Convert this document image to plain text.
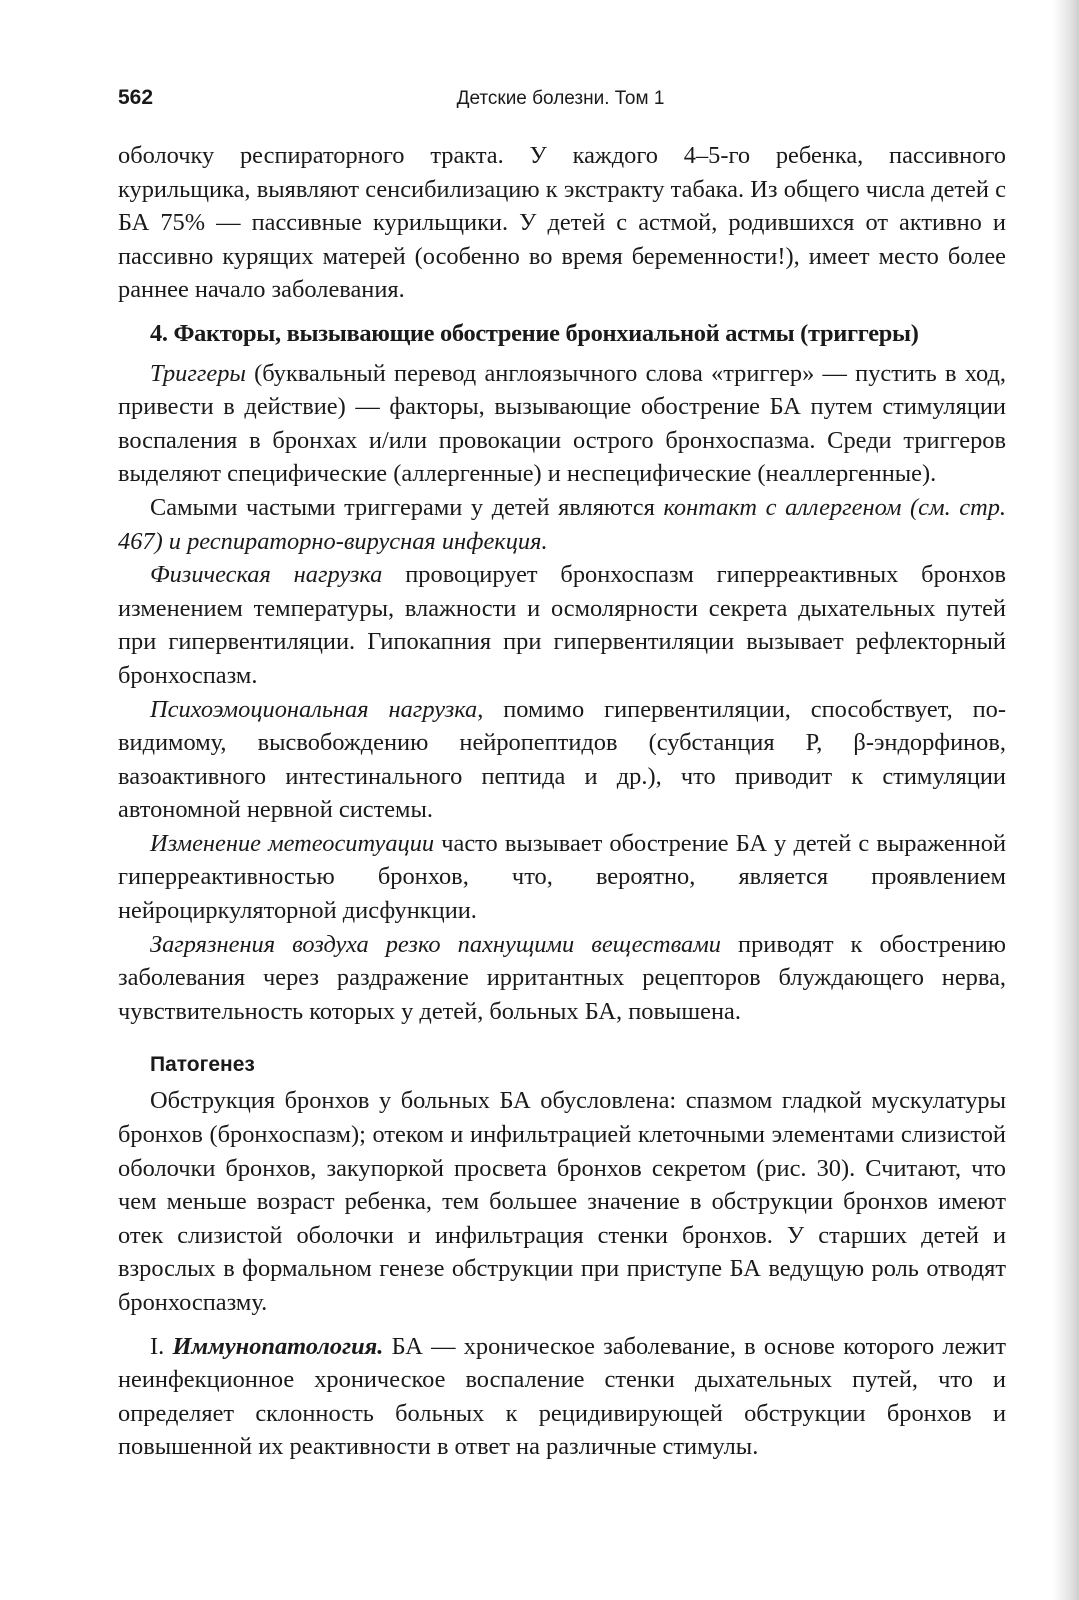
562	Детские болезни. Том 1

оболочку респираторного тракта. У каждого 4–5-го ребенка, пассивного курильщика, выявляют сенсибилизацию к экстракту табака. Из общего числа детей с БА 75% — пассивные курильщики. У детей с астмой, родившихся от активно и пассивно курящих матерей (особенно во время беременности!), имеет место более раннее начало заболевания.

4. Факторы, вызывающие обострение бронхиальной астмы (триггеры)

Триггеры (буквальный перевод англоязычного слова «триггер» — пустить в ход, привести в действие) — факторы, вызывающие обострение БА путем стимуляции воспаления в бронхах и/или провокации острого бронхоспазма. Среди триггеров выделяют специфические (аллергенные) и неспецифические (неаллергенные).

Самыми частыми триггерами у детей являются контакт с аллергеном (см. стр. 467) и респираторно-вирусная инфекция.

Физическая нагрузка провоцирует бронхоспазм гиперреактивных бронхов изменением температуры, влажности и осмолярности секрета дыхательных путей при гипервентиляции. Гипокапния при гипервентиляции вызывает рефлекторный бронхоспазм.

Психоэмоциональная нагрузка, помимо гипервентиляции, способствует, по-видимому, высвобождению нейропептидов (субстанция Р, β-эндорфинов, вазоактивного интестинального пептида и др.), что приводит к стимуляции автономной нервной системы.

Изменение метеоситуации часто вызывает обострение БА у детей с выраженной гиперреактивностью бронхов, что, вероятно, является проявлением нейроциркуляторной дисфункции.

Загрязнения воздуха резко пахнущими веществами приводят к обострению заболевания через раздражение ирритантных рецепторов блуждающего нерва, чувствительность которых у детей, больных БА, повышена.

Патогенез

Обструкция бронхов у больных БА обусловлена: спазмом гладкой мускулатуры бронхов (бронхоспазм); отеком и инфильтрацией клеточными элементами слизистой оболочки бронхов, закупоркой просвета бронхов секретом (рис. 30). Считают, что чем меньше возраст ребенка, тем большее значение в обструкции бронхов имеют отек слизистой оболочки и инфильтрация стенки бронхов. У старших детей и взрослых в формальном генезе обструкции при приступе БА ведущую роль отводят бронхоспазму.

I. Иммунопатология. БА — хроническое заболевание, в основе которого лежит неинфекционное хроническое воспаление стенки дыхательных путей, что и определяет склонность больных к рецидивирующей обструкции бронхов и повышенной их реактивности в ответ на различные стимулы.
